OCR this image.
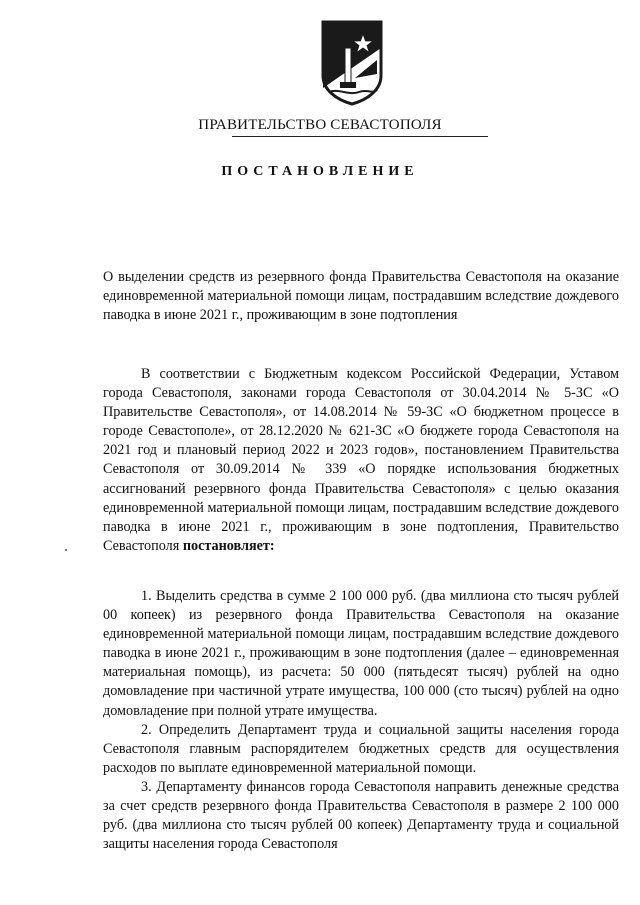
ПРАВИТЕЛЬСТВО СЕВАСТОПОЛЯ
ПОСТАНОВЛЕНИЕ
О выделении средств из резервного фонда Правительства Севастополя на оказание единовременной материальной помощи лицам, пострадавшим вследствие дождевого паводка в июне 2021 г., проживающим в зоне подтопления

В соответствии с Бюджетным кодексом Российской Федерации, Уставом города Севастополя, законами города Севастополя от 30.04.2014 № 5-ЗС «О Правительстве Севастополя», от 14.08.2014 № 59-ЗС «О бюджетном процессе в городе Севастополе», от 28.12.2020 № 621-ЗС «О бюджете города Севастополя на 2021 год и плановый период 2022 и 2023 годов», постановлением Правительства Севастополя от 30.09.2014 № 339 «О порядке использования бюджетных ассигнований резервного фонда Правительства Севастополя» с целью оказания единовременной материальной помощи лицам, пострадавшим вследствие дождевого паводка в июне 2021 г., проживающим в зоне подтопления, Правительство Севастополя постановляет:

1. Выделить средства в сумме 2 100 000 руб. (два миллиона сто тысяч рублей 00 копеек) из резервного фонда Правительства Севастополя на оказание единовременной материальной помощи лицам, пострадавшим вследствие дождевого паводка в июне 2021 г., проживающим в зоне подтопления (далее – единовременная материальная помощь), из расчета: 50 000 (пятьдесят тысяч) рублей на одно домовладение при частичной утрате имущества, 100 000 (сто тысяч) рублей на одно домовладение при полной утрате имущества.

2. Определить Департамент труда и социальной защиты населения города Севастополя главным распорядителем бюджетных средств для осуществления расходов по выплате единовременной материальной помощи.

3. Департаменту финансов города Севастополя направить денежные средства за счет средств резервного фонда Правительства Севастополя в размере 2 100 000 руб. (два миллиона сто тысяч рублей 00 копеек) Департаменту труда и социальной защиты населения города Севастополя
